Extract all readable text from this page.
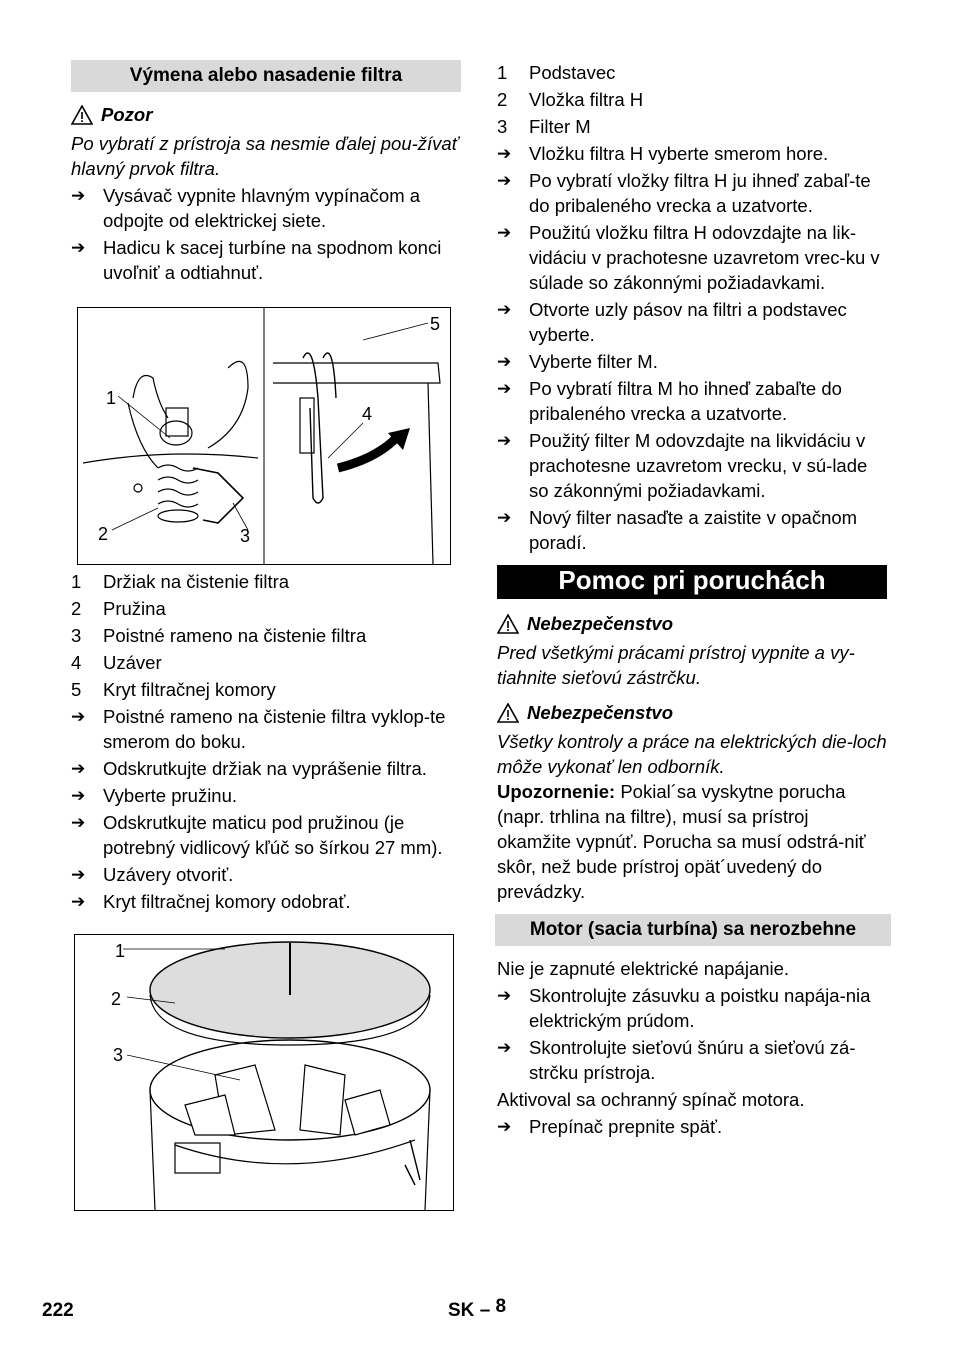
Výmena alebo nasadenie filtra
Pozor
Po vybratí z prístroja sa nesmie ďalej pou-žívať hlavný prvok filtra.
➔ Vysávač vypnite hlavným vypínačom a odpojte od elektrickej siete.
➔ Hadicu k sacej turbíne na spodnom konci uvoľniť a odtiahnuť.
1
2	3
5
4
1	Držiak na čistenie filtra
2	Pružina
3	Poistné rameno na čistenie filtra
4	Uzáver
5	Kryt filtračnej komory
➔ Poistné rameno na čistenie filtra vyklop-te smerom do boku.
➔ Odskrutkujte držiak na vyprášenie filtra.
➔ Vyberte pružinu.
➔ Odskrutkujte maticu pod pružinou (je potrebný vidlicový kľúč so šírkou 27 mm).
➔ Uzávery otvoriť.
➔ Kryt filtračnej komory odobrať.
1
2
3
1	Podstavec
2	Vložka filtra H
3	Filter M
➔ Vložku filtra H vyberte smerom hore.
➔ Po vybratí vložky filtra H ju ihneď zabaľ-te do pribaleného vrecka a uzatvorte.
➔ Použitú vložku filtra H odovzdajte na lik-vidáciu v prachotesne uzavretom vrec-ku v súlade so zákonnými požiadavkami.
➔ Otvorte uzly pásov na filtri a podstavec vyberte.
➔ Vyberte filter M.
➔ Po vybratí filtra M ho ihneď zabaľte do pribaleného vrecka a uzatvorte.
➔ Použitý filter M odovzdajte na likvidáciu v prachotesne uzavretom vrecku, v sú-lade so zákonnými požiadavkami.
➔ Nový filter nasaďte a zaistite v opačnom poradí.
Pomoc pri poruchách
Nebezpečenstvo
Pred všetkými prácami prístroj vypnite a vy-tiahnite sieťovú zástrčku.
Nebezpečenstvo
Všetky kontroly a práce na elektrických die-loch môže vykonať len odborník.
Upozornenie: Pokial´sa vyskytne porucha (napr. trhlina na filtre), musí sa prístroj okamžite vypnúť. Porucha sa musí odstrá-niť skôr, než bude prístroj opät´uvedený do prevádzky.
Motor (sacia turbína) sa nerozbehne
Nie je zapnuté elektrické napájanie.
➔ Skontrolujte zásuvku a poistku napája-nia elektrickým prúdom.
➔ Skontrolujte sieťovú šnúru a sieťovú zá-strčku prístroja.
Aktivoval sa ochranný spínač motora.
➔ Prepínač prepnite späť.
222	SK – 8
